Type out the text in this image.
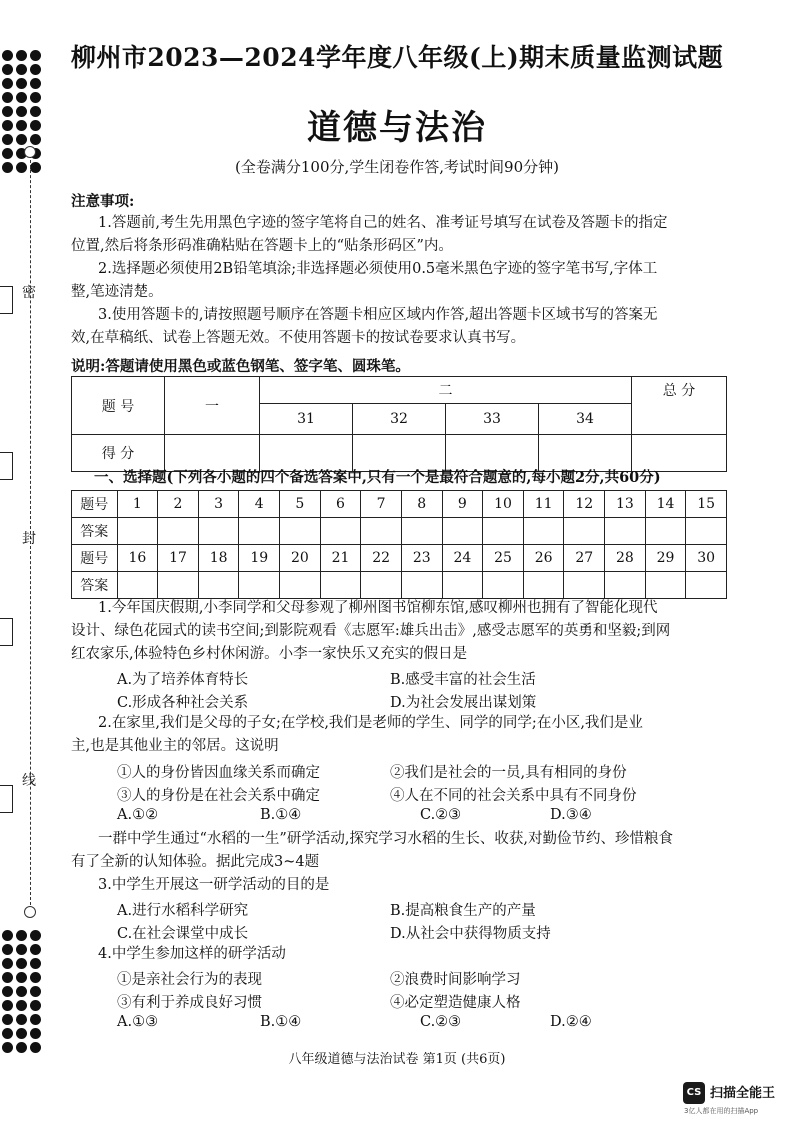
密
封
线
柳州市2023—2024学年度八年级(上)期末质量监测试题
道德与法治
(全卷满分100分,学生闭卷作答,考试时间90分钟)
注意事项:
1.答题前,考生先用黑色字迹的签字笔将自己的姓名、准考证号填写在试卷及答题卡的指定
位置,然后将条形码准确粘贴在答题卡上的“贴条形码区”内。
2.选择题必须使用2B铅笔填涂;非选择题必须使用0.5毫米黑色字迹的签字笔书写,字体工
整,笔迹清楚。
3.使用答题卡的,请按照题号顺序在答题卡相应区域内作答,超出答题卡区域书写的答案无
效,在草稿纸、试卷上答题无效。不使用答题卡的按试卷要求认真书写。
说明:答题请使用黑色或蓝色钢笔、签字笔、圆珠笔。
题 号	一	二				总 分
		31	32	33	34	
得 分						
一、选择题(下列各小题的四个备选答案中,只有一个是最符合题意的,每小题2分,共60分)
题号	1	2	3	4	5	6	7	8	9	10	11	12	13	14	15
答案															
题号	16	17	18	19	20	21	22	23	24	25	26	27	28	29	30
答案															
1.今年国庆假期,小李同学和父母参观了柳州图书馆柳东馆,感叹柳州也拥有了智能化现代
设计、绿色花园式的读书空间;到影院观看《志愿军:雄兵出击》,感受志愿军的英勇和坚毅;到网
红农家乐,体验特色乡村休闲游。小李一家快乐又充实的假日是
A.为了培养体育特长	B.感受丰富的社会生活
C.形成各种社会关系	D.为社会发展出谋划策
2.在家里,我们是父母的子女;在学校,我们是老师的学生、同学的同学;在小区,我们是业
主,也是其他业主的邻居。这说明
①人的身份皆因血缘关系而确定	②我们是社会的一员,具有相同的身份
③人的身份是在社会关系中确定	④人在不同的社会关系中具有不同身份
A.①②	B.①④	C.②③	D.③④
一群中学生通过“水稻的一生”研学活动,探究学习水稻的生长、收获,对勤俭节约、珍惜粮食
有了全新的认知体验。据此完成3~4题
3.中学生开展这一研学活动的目的是
A.进行水稻科学研究	B.提高粮食生产的产量
C.在社会课堂中成长	D.从社会中获得物质支持
4.中学生参加这样的研学活动
①是亲社会行为的表现	②浪费时间影响学习
③有利于养成良好习惯	④必定塑造健康人格
A.①③	B.①④	C.②③	D.②④
八年级道德与法治试卷 第1页 (共6页)
CS 扫描全能王
3亿人都在用的扫描App
